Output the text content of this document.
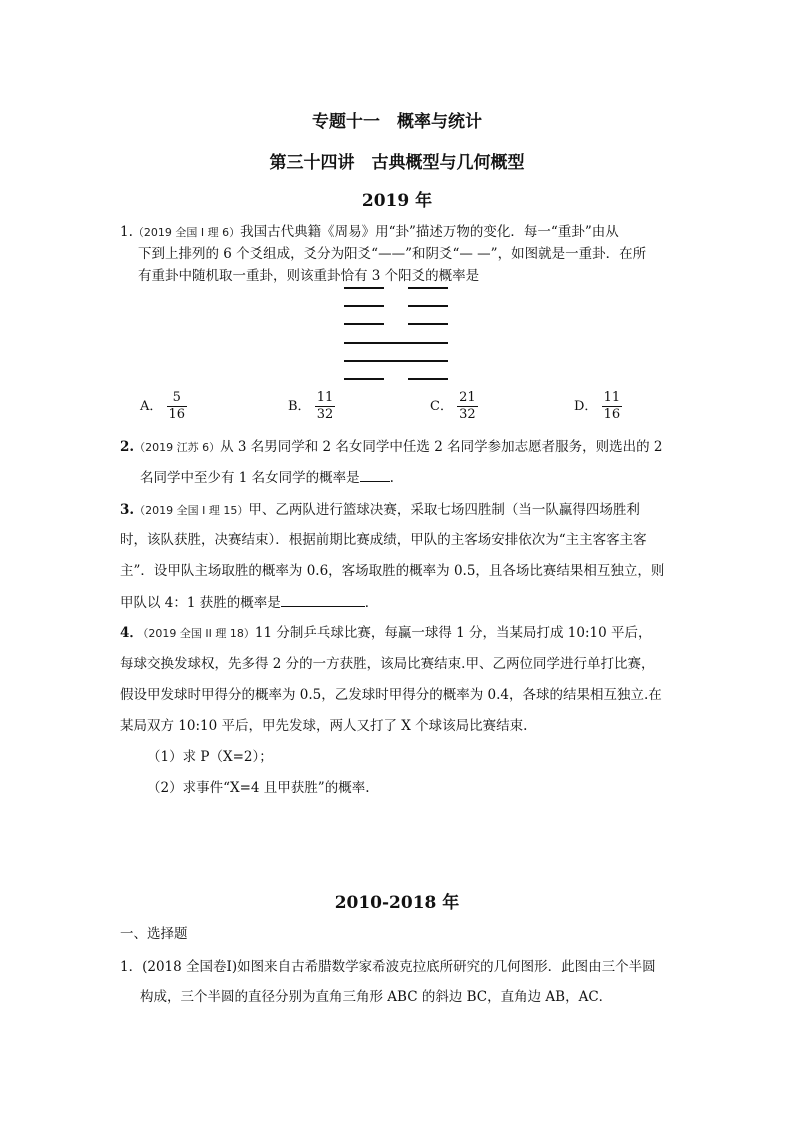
专题十一　概率与统计
第三十四讲　古典概型与几何概型
2019 年
1.（2019 全国 I 理 6）我国古代典籍《周易》用“卦”描述万物的变化．每一“重卦”由从
下到上排列的 6 个爻组成，爻分为阳爻“——”和阴爻“— —”，如图就是一重卦．在所
有重卦中随机取一重卦，则该重卦恰有 3 个阳爻的概率是
A． $\frac{5}{16}$	B． $\frac{11}{32}$	C． $\frac{21}{32}$	D． $\frac{11}{16}$
2.（2019 江苏 6）从 3 名男同学和 2 名女同学中任选 2 名同学参加志愿者服务，则选出的 2
名同学中至少有 1 名女同学的概率是 .
3.（2019 全国 I 理 15）甲、乙两队进行篮球决赛，采取七场四胜制（当一队赢得四场胜利
时，该队获胜，决赛结束）．根据前期比赛成绩，甲队的主客场安排依次为“主主客客主客
主”．设甲队主场取胜的概率为 0.6，客场取胜的概率为 0.5，且各场比赛结果相互独立，则
甲队以 4：1 获胜的概率是	．
4．（2019 全国 II 理 18）11 分制乒乓球比赛，每赢一球得 1 分，当某局打成 10:10 平后，
每球交换发球权，先多得 2 分的一方获胜，该局比赛结束.甲、乙两位同学进行单打比赛，
假设甲发球时甲得分的概率为 0.5，乙发球时甲得分的概率为 0.4，各球的结果相互独立.在
某局双方 10:10 平后，甲先发球，两人又打了 X 个球该局比赛结束.
（1）求 P（X=2）；
（2）求事件“X=4 且甲获胜”的概率.
2010-2018 年
一、选择题
1．(2018 全国卷Ⅰ)如图来自古希腊数学家希波克拉底所研究的几何图形．此图由三个半圆
构成，三个半圆的直径分别为直角三角形 ABC 的斜边 BC，直角边 AB，AC．
